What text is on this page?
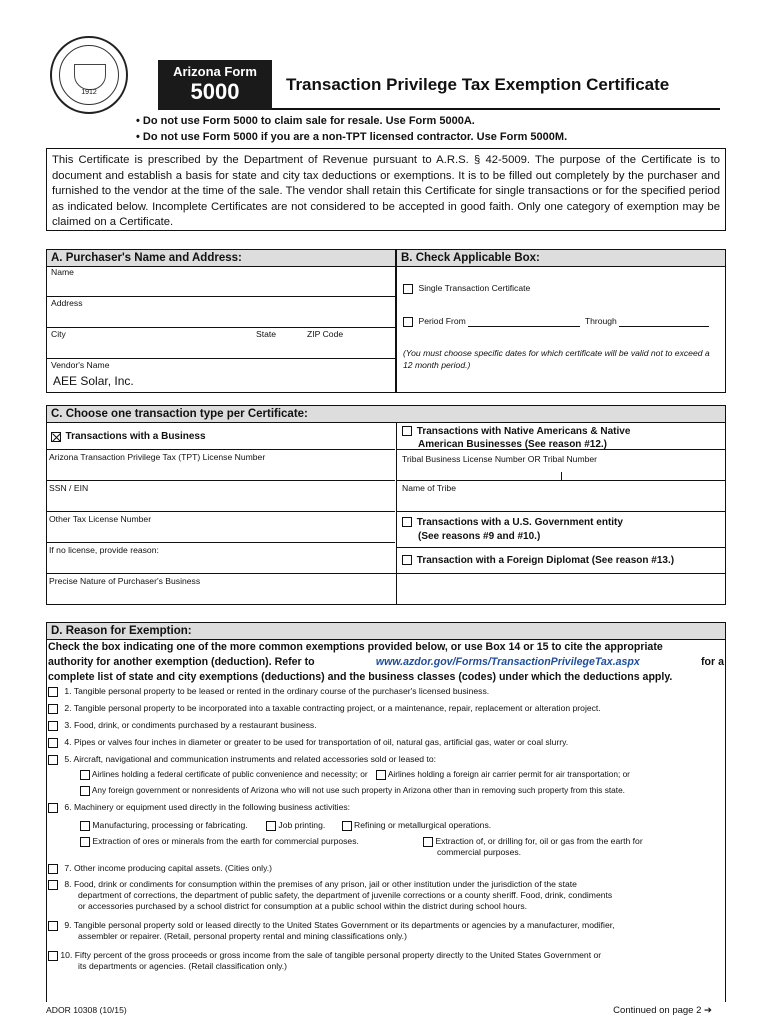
1912
Arizona Form
5000	Transaction Privilege Tax Exemption Certificate
• Do not use Form 5000 to claim sale for resale. Use Form 5000A.
• Do not use Form 5000 if you are a non-TPT licensed contractor. Use Form 5000M.
This Certificate is prescribed by the Department of Revenue pursuant to A.R.S. § 42-5009. The purpose of the Certificate is to document and establish a basis for state and city tax deductions or exemptions. It is to be filled out completely by the purchaser and furnished to the vendor at the time of the sale. The vendor shall retain this Certificate for single transactions or for the specified period as indicated below. Incomplete Certificates are not considered to be accepted in good faith. Only one category of exemption may be claimed on a Certificate.
A. Purchaser's Name and Address:
Name
Address
City	State	ZIP Code
Vendor's Name
AEE Solar, Inc.
B. Check Applicable Box:
Single Transaction Certificate
Period From	Through
(You must choose specific dates for which certificate will be valid not to exceed a 12 month period.)
C. Choose one transaction type per Certificate:
Transactions with a Business
Arizona Transaction Privilege Tax (TPT) License Number
SSN / EIN
Other Tax License Number
If no license, provide reason:
Precise Nature of Purchaser's Business
Transactions with Native Americans & Native
American Businesses (See reason #12.)
Tribal Business License Number OR Tribal Number
Name of Tribe
Transactions with a U.S. Government entity
(See reasons #9 and #10.)
Transaction with a Foreign Diplomat (See reason #13.)
D. Reason for Exemption:
Check the box indicating one of the more common exemptions provided below, or use Box 14 or 15 to cite the appropriate
authority for another exemption (deduction). Refer to	www.azdor.gov/Forms/TransactionPrivilegeTax.aspx	for a
complete list of state and city exemptions (deductions) and the business classes (codes) under which the deductions apply.
1. Tangible personal property to be leased or rented in the ordinary course of the purchaser's licensed business.
2. Tangible personal property to be incorporated into a taxable contracting project, or a maintenance, repair, replacement or alteration project.
3. Food, drink, or condiments purchased by a restaurant business.
4. Pipes or valves four inches in diameter or greater to be used for transportation of oil, natural gas, artificial gas, water or coal slurry.
5. Aircraft, navigational and communication instruments and related accessories sold or leased to:
Airlines holding a federal certificate of public convenience and necessity; or Airlines holding a foreign air carrier permit for air transportation; or
Any foreign government or nonresidents of Arizona who will not use such property in Arizona other than in removing such property from this state.
6. Machinery or equipment used directly in the following business activities:
Manufacturing, processing or fabricating.	Job printing.	Refining or metallurgical operations.
Extraction of ores or minerals from the earth for commercial purposes.	Extraction of, or drilling for, oil or gas from the earth for
commercial purposes.
7. Other income producing capital assets. (Cities only.)
8. Food, drink or condiments for consumption within the premises of any prison, jail or other institution under the jurisdiction of the state
department of corrections, the department of public safety, the department of juvenile corrections or a county sheriff. Food, drink, condiments
or accessories purchased by a school district for consumption at a public school within the district during school hours.
9. Tangible personal property sold or leased directly to the United States Government or its departments or agencies by a manufacturer, modifier,
assembler or repairer. (Retail, personal property rental and mining classifications only.)
10. Fifty percent of the gross proceeds or gross income from the sale of tangible personal property directly to the United States Government or
its departments or agencies. (Retail classification only.)
ADOR 10308 (10/15)	Continued on page 2 ➔
